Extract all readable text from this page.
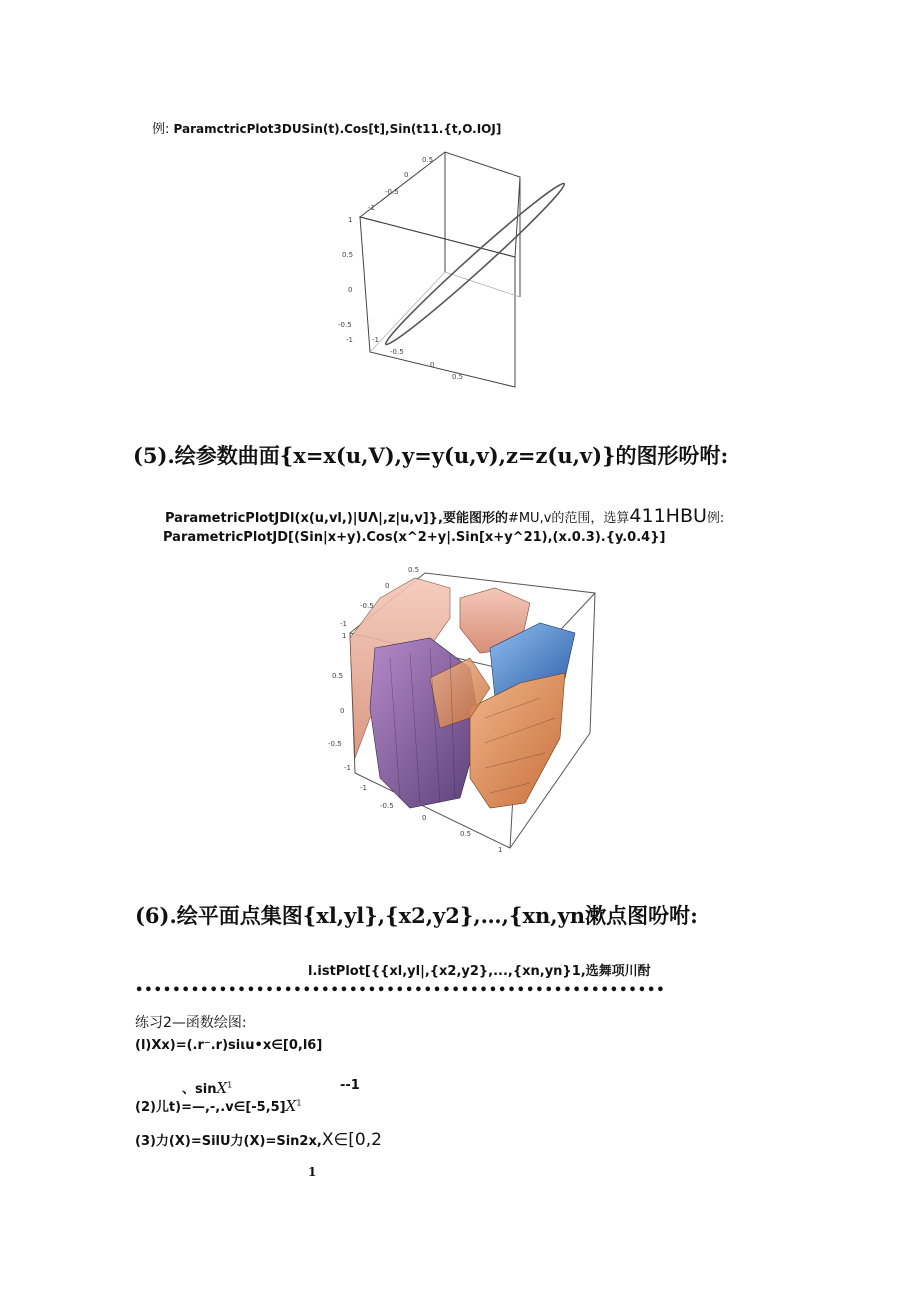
例: ParamctricPlot3DUSin(t).Cos[t],Sin(t11.{t,O.IOJ]
0.5
0
-0.5
-1
1
0.5
0
-0.5
-1	-1
-0.5
0
0.5
(5).绘参数曲面{x=x(u,V),y=y(u,v),z=z(u,v)}的图形吩咐:
ParametricPlotJDl(x(u,vl,)|UΛ|,z|u,v]},要能图形的#MU,v的范围，选算411HBU例:
ParametricPlotJD[(Sin|x+y).Cos(x^2+y|.Sin[x+y^21),(x.0.3).{y.0.4}]
0.5
0
-0.5
-1
1
0.5
0
-0.5
-1
-1
-0.5
0
0.5
1
(6).绘平面点集图{xl,yl},{x2,y2},…,{xn,yn漱点图吩咐:
l.istPlot[{{xl,yl|,{x2,y2},...,{xn,yn}1,选舞项川酎
•••••••••••••••••••••••••••••••••••••••••••••••••••••••••
练习2—函数绘图:
(l)Xx)=(.r⁻.r)siιu•x∈[0,l6]
、sinX$^1$	--1
(2)儿$t)=—,-,.v\in[-5,5]X^1$
(3)力(X)=SilU力(X)=Sin2x,X∈[0,2
1
